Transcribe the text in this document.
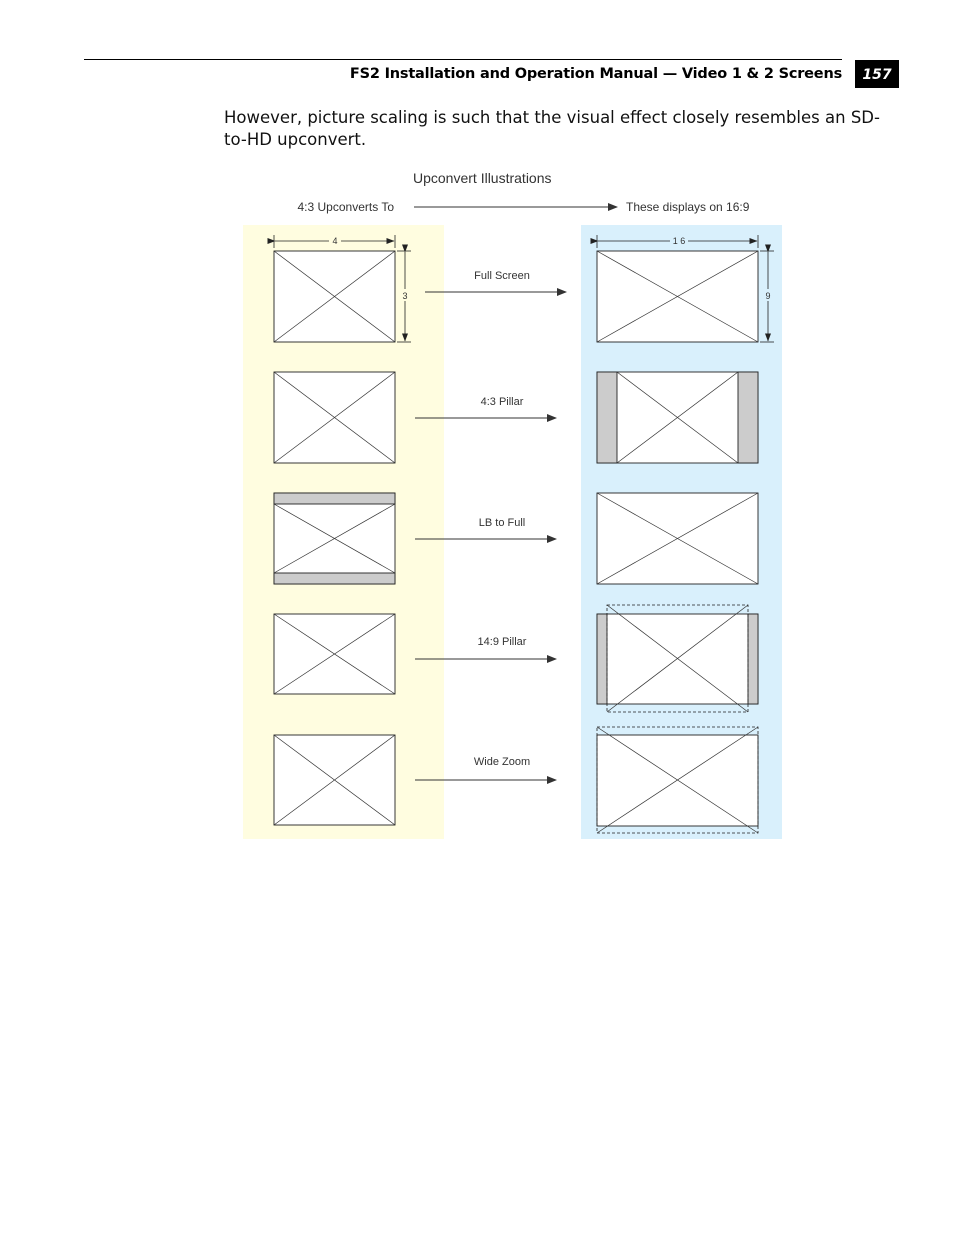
FS2 Installation and Operation Manual — Video 1 & 2 Screens	157

However, picture scaling is such that the visual effect closely resembles an SD-to-HD upconvert.

Upconvert Illustrations
4:3 Upconverts To	These displays on 16:9
4
3
Full Screen
1 6
9
4:3 Pillar
LB to Full
14:9 Pillar
Wide Zoom
